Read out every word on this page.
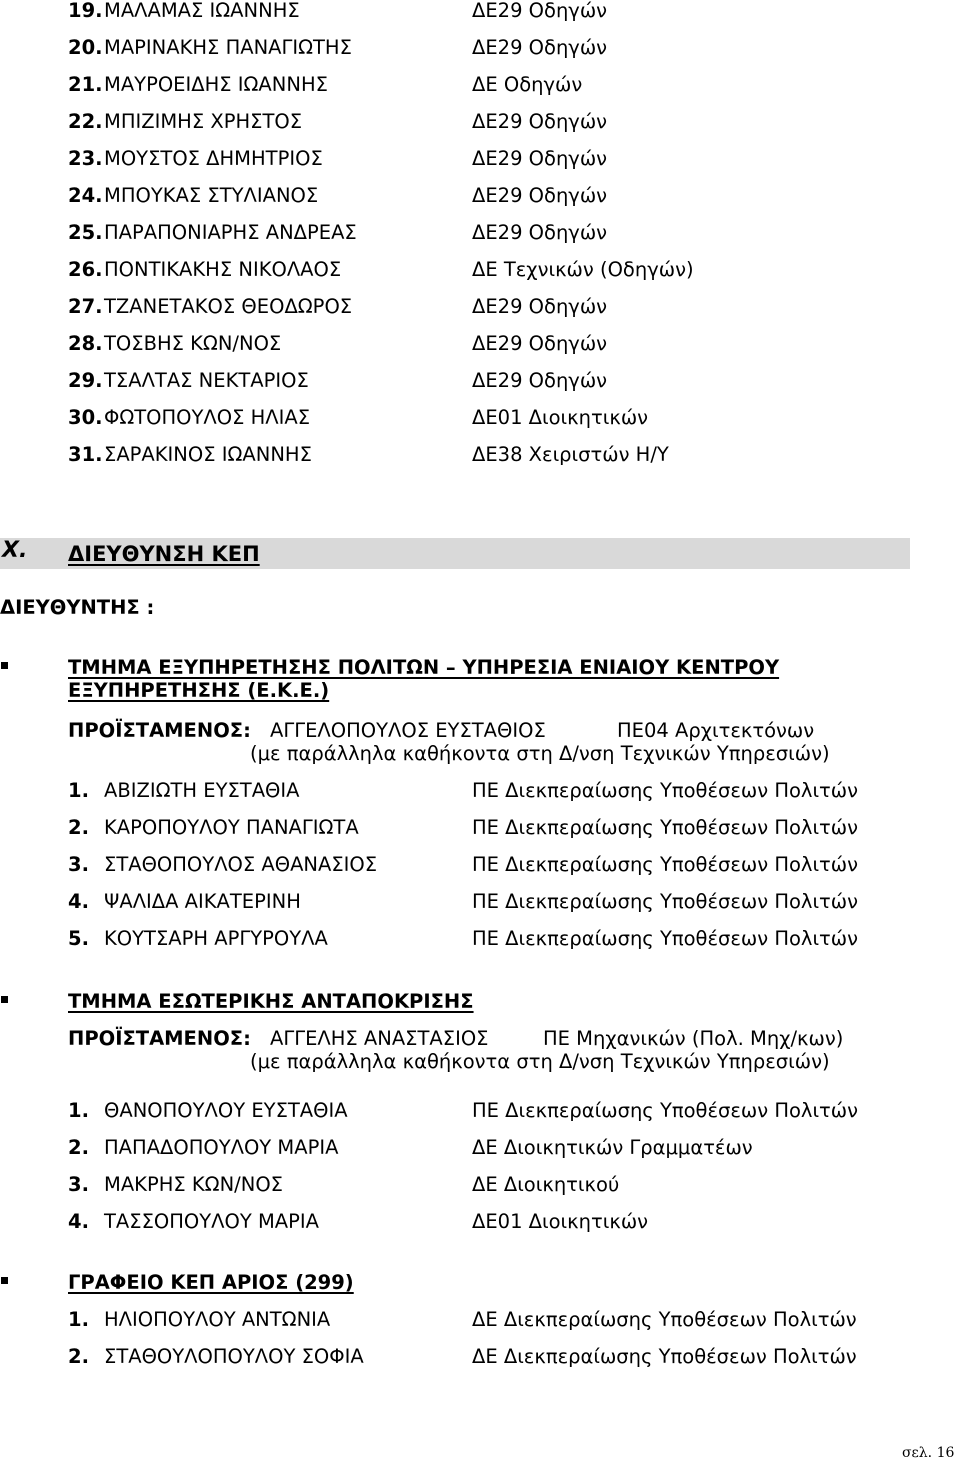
19. ΜΑΛΑΜΑΣ ΙΩΑΝΝΗΣ	ΔΕ29 Οδηγών
20. ΜΑΡΙΝΑΚΗΣ ΠΑΝΑΓΙΩΤΗΣ	ΔΕ29 Οδηγών
21. ΜΑΥΡΟΕΙΔΗΣ ΙΩΑΝΝΗΣ	ΔΕ Οδηγών
22. ΜΠΙΖΙΜΗΣ ΧΡΗΣΤΟΣ	ΔΕ29 Οδηγών
23. ΜΟΥΣΤΟΣ ΔΗΜΗΤΡΙΟΣ	ΔΕ29 Οδηγών
24. ΜΠΟΥΚΑΣ ΣΤΥΛΙΑΝΟΣ	ΔΕ29 Οδηγών
25. ΠΑΡΑΠΟΝΙΑΡΗΣ ΑΝΔΡΕΑΣ	ΔΕ29 Οδηγών
26. ΠΟΝΤΙΚΑΚΗΣ ΝΙΚΟΛΑΟΣ	ΔΕ Τεχνικών (Οδηγών)
27. ΤΖΑΝΕΤΑΚΟΣ ΘΕΟΔΩΡΟΣ	ΔΕ29 Οδηγών
28. ΤΟΣΒΗΣ ΚΩΝ/ΝΟΣ	ΔΕ29 Οδηγών
29. ΤΣΑΛΤΑΣ ΝΕΚΤΑΡΙΟΣ	ΔΕ29 Οδηγών
30. ΦΩΤΟΠΟΥΛΟΣ ΗΛΙΑΣ	ΔΕ01 Διοικητικών
31. ΣΑΡΑΚΙΝΟΣ ΙΩΑΝΝΗΣ	ΔΕ38 Χειριστών Η/Υ
1. ΑΒΙΖΙΩΤΗ ΕΥΣΤΑΘΙΑ	ΠΕ Διεκπεραίωσης Υποθέσεων Πολιτών
2. ΚΑΡΟΠΟΥΛΟΥ ΠΑΝΑΓΙΩΤΑ	ΠΕ Διεκπεραίωσης Υποθέσεων Πολιτών
3. ΣΤΑΘΟΠΟΥΛΟΣ ΑΘΑΝΑΣΙΟΣ	ΠΕ Διεκπεραίωσης Υποθέσεων Πολιτών
4. ΨΑΛΙΔΑ ΑΙΚΑΤΕΡΙΝΗ	ΠΕ Διεκπεραίωσης Υποθέσεων Πολιτών
5. ΚΟΥΤΣΑΡΗ ΑΡΓΥΡΟΥΛΑ	ΠΕ Διεκπεραίωσης Υποθέσεων Πολιτών
1. ΘΑΝΟΠΟΥΛΟΥ ΕΥΣΤΑΘΙΑ	ΠΕ Διεκπεραίωσης Υποθέσεων Πολιτών
2. ΠΑΠΑΔΟΠΟΥΛΟΥ ΜΑΡΙΑ	ΔΕ Διοικητικών Γραμματέων
3. ΜΑΚΡΗΣ ΚΩΝ/ΝΟΣ	ΔΕ Διοικητικού
4. ΤΑΣΣΟΠΟΥΛΟΥ ΜΑΡΙΑ	ΔΕ01 Διοικητικών
1. ΗΛΙΟΠΟΥΛΟΥ ΑΝΤΩΝΙΑ	ΔΕ Διεκπεραίωσης Υποθέσεων Πολιτών
2. ΣΤΑΘΟΥΛΟΠΟΥΛΟΥ ΣΟΦΙΑ	ΔΕ Διεκπεραίωσης Υποθέσεων Πολιτών
Χ. ΔΙΕΥΘΥΝΣΗ ΚΕΠ
ΔΙΕΥΘΥΝΤΗΣ :
ΤΜΗΜΑ ΕΞΥΠΗΡΕΤΗΣΗΣ ΠΟΛΙΤΩΝ – ΥΠΗΡΕΣΙΑ ΕΝΙΑΙΟΥ ΚΕΝΤΡΟΥ
ΕΞΥΠΗΡΕΤΗΣΗΣ (Ε.Κ.Ε.)
ΠΡΟΪΣΤΑΜΕΝΟΣ: ΑΓΓΕΛΟΠΟΥΛΟΣ ΕΥΣΤΑΘΙΟΣ	ΠΕ04 Αρχιτεκτόνων
(με παράλληλα καθήκοντα στη Δ/νση Τεχνικών Υπηρεσιών)
ΤΜΗΜΑ ΕΣΩΤΕΡΙΚΗΣ ΑΝΤΑΠΟΚΡΙΣΗΣ
ΠΡΟΪΣΤΑΜΕΝΟΣ: ΑΓΓΕΛΗΣ ΑΝΑΣΤΑΣΙΟΣ	ΠΕ Μηχανικών (Πολ. Μηχ/κων)
(με παράλληλα καθήκοντα στη Δ/νση Τεχνικών Υπηρεσιών)
ΓΡΑΦΕΙΟ ΚΕΠ ΑΡΙΟΣ (299)
σελ. 16
